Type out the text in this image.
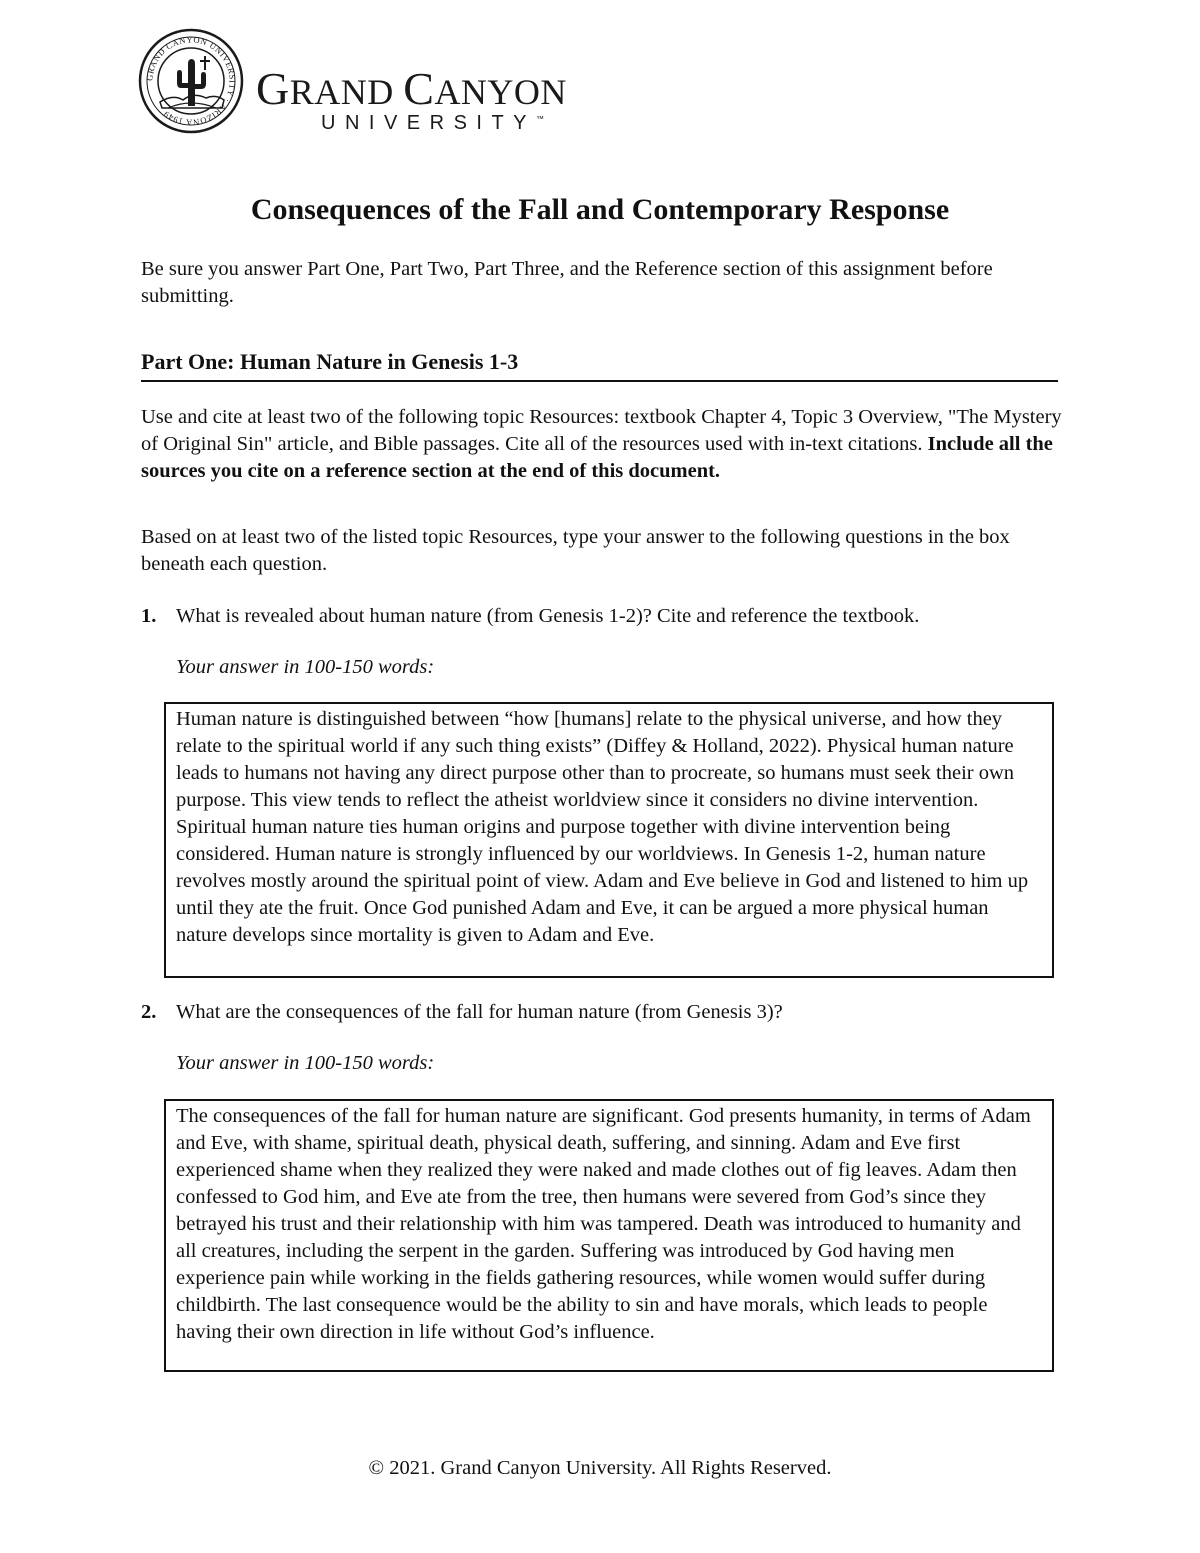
GRAND CANYON UNIVERSITY · ARIZONA 1949
GRAND CANYON
UNIVERSITY™
Consequences of the Fall and Contemporary Response

Be sure you answer Part One, Part Two, Part Three, and the Reference section of this assignment before submitting.

Part One: Human Nature in Genesis 1-3

Use and cite at least two of the following topic Resources: textbook Chapter 4, Topic 3 Overview, "The Mystery of Original Sin" article, and Bible passages. Cite all of the resources used with in-text citations. Include all the sources you cite on a reference section at the end of this document.

Based on at least two of the listed topic Resources, type your answer to the following questions in the box beneath each question.

1. What is revealed about human nature (from Genesis 1-2)? Cite and reference the textbook.
Your answer in 100-150 words:
Human nature is distinguished between “how [humans] relate to the physical universe, and how they relate to the spiritual world if any such thing exists” (Diffey & Holland, 2022). Physical human nature leads to humans not having any direct purpose other than to procreate, so humans must seek their own purpose. This view tends to reflect the atheist worldview since it considers no divine intervention. Spiritual human nature ties human origins and purpose together with divine intervention being considered. Human nature is strongly influenced by our worldviews. In Genesis 1-2, human nature revolves mostly around the spiritual point of view. Adam and Eve believe in God and listened to him up until they ate the fruit. Once God punished Adam and Eve, it can be argued a more physical human nature develops since mortality is given to Adam and Eve.
2. What are the consequences of the fall for human nature (from Genesis 3)?
Your answer in 100-150 words:
The consequences of the fall for human nature are significant. God presents humanity, in terms of Adam and Eve, with shame, spiritual death, physical death, suffering, and sinning. Adam and Eve first experienced shame when they realized they were naked and made clothes out of fig leaves. Adam then confessed to God him, and Eve ate from the tree, then humans were severed from God’s since they betrayed his trust and their relationship with him was tampered. Death was introduced to humanity and all creatures, including the serpent in the garden. Suffering was introduced by God having men experience pain while working in the fields gathering resources, while women would suffer during childbirth. The last consequence would be the ability to sin and have morals, which leads to people having their own direction in life without God’s influence.

© 2021. Grand Canyon University. All Rights Reserved.
